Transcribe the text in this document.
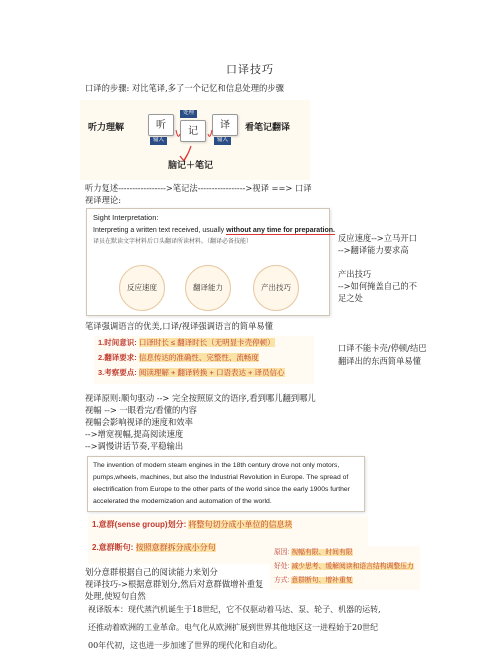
口译技巧
口译的步骤: 对比笔译,多了一个记忆和信息处理的步骤
听力理解	听
输入
记
处理
译
输入
看笔记翻译
脑记＋笔记
听力复述----------------->笔记法----------------->视译 ==> 口译
视译理论:
Sight Interpretation:
Interpreting a written text received, usually without any time for preparation.
译员在默读文字材料后口头翻译所读材料。（翻译必备技能）
反应速度	翻译能力	产出技巧
反应速度-->立马开口
-->翻译能力要求高
产出技巧
-->如何掩盖自己的不
足之处
笔译强调语言的优美,口译/视译强调语言的简单易懂
1.时间意识: 口译时长 ≤ 翻译时长（无明显卡壳停顿）
2.翻译要求: 信息传达的准确性、完整性、流畅度
3.考察要点: 阅读理解 + 翻译转换 + 口语表达 + 译员信心
口译不能卡壳/停顿/结巴
翻译出的东西简单易懂
视译原则:顺句驱动 --> 完全按照原文的语序,看到哪儿翻到哪儿
视幅 --> 一眼看完/看懂的内容
视幅会影响视译的速度和效率
-->增宽视幅,提高阅读速度
-->调慢讲话节奏,平稳输出
The invention of modern steam engines in the 18th century drove not only motors,
pumps,wheels, machines, but also the Industrial Revolution in Europe. The spread of
electrification from Europe to the other parts of the world since the early 1900s further
accelerated the modernization and automation of the world.
1.意群(sense group)划分: 将整句切分成小单位的信息块
2.意群断句: 按照意群拆分成小分句
原因: 视幅有限、时间有限
好处: 减少思考、缓解阅读和语言结构调整压力
方式: 意群断句、增补重复
划分意群根据自己的阅读能力来划分
视译技巧->根据意群划分,然后对意群做增补重复
处理,使短句自然
视译版本：现代蒸汽机诞生于18世纪，它不仅驱动着马达、泵、轮子、机器的运转,
还推动着欧洲的工业革命。电气化从欧洲扩展到世界其他地区这一进程始于20世纪
00年代初，这也进一步加速了世界的现代化和自动化。
